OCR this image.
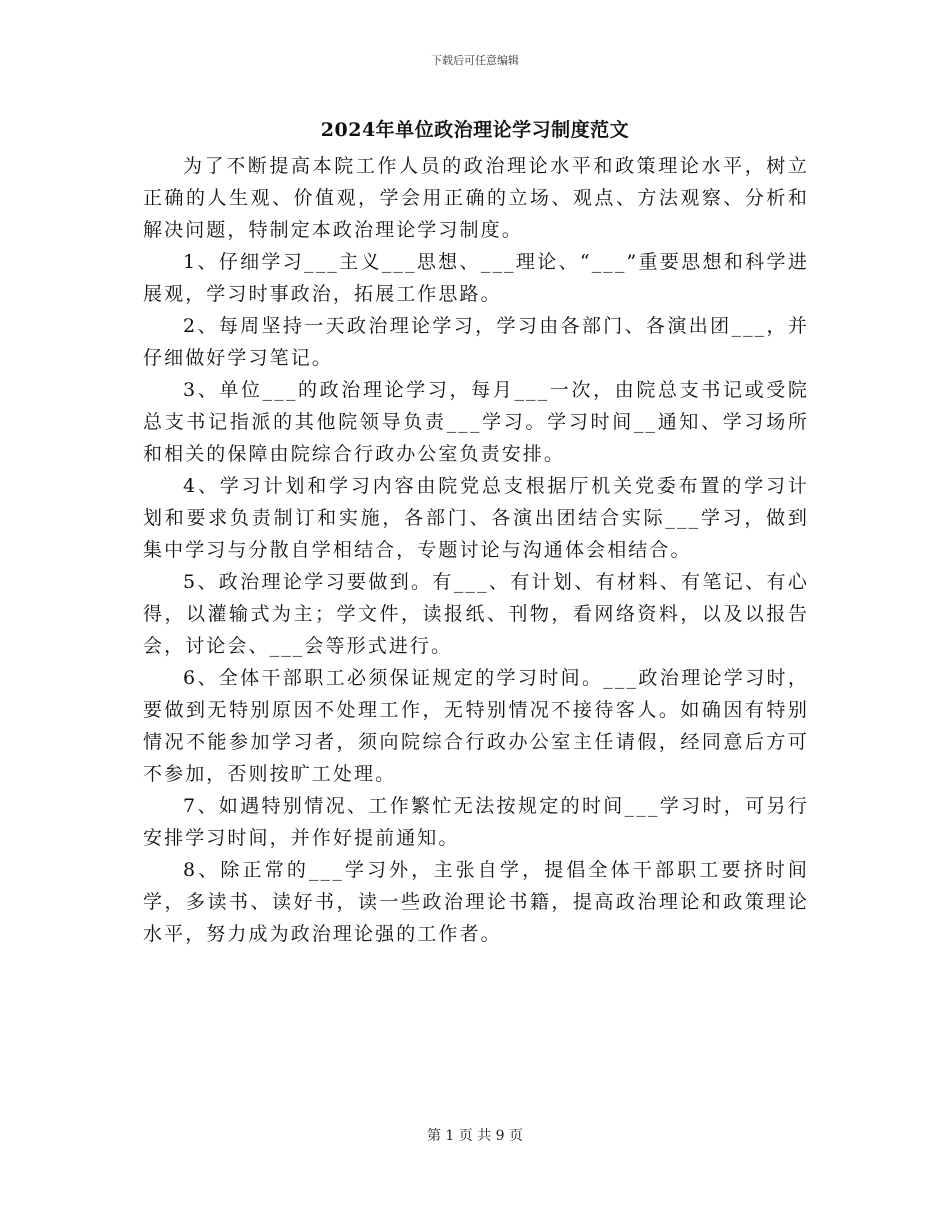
下载后可任意编辑
2024年单位政治理论学习制度范文

为了不断提高本院工作人员的政治理论水平和政策理论水平，树立正确的人生观、价值观，学会用正确的立场、观点、方法观察、分析和解决问题，特制定本政治理论学习制度。

1、仔细学习___主义___思想、___理论、“___”重要思想和科学进展观，学习时事政治，拓展工作思路。

2、每周坚持一天政治理论学习，学习由各部门、各演出团___，并仔细做好学习笔记。

3、单位___的政治理论学习，每月___一次，由院总支书记或受院总支书记指派的其他院领导负责___学习。学习时间__通知、学习场所和相关的保障由院综合行政办公室负责安排。

4、学习计划和学习内容由院党总支根据厅机关党委布置的学习计划和要求负责制订和实施，各部门、各演出团结合实际___学习，做到集中学习与分散自学相结合，专题讨论与沟通体会相结合。

5、政治理论学习要做到。有___、有计划、有材料、有笔记、有心得，以灌输式为主；学文件，读报纸、刊物，看网络资料，以及以报告会，讨论会、___会等形式进行。

6、全体干部职工必须保证规定的学习时间。___政治理论学习时，要做到无特别原因不处理工作，无特别情况不接待客人。如确因有特别情况不能参加学习者，须向院综合行政办公室主任请假，经同意后方可不参加，否则按旷工处理。

7、如遇特别情况、工作繁忙无法按规定的时间___学习时，可另行安排学习时间，并作好提前通知。

8、除正常的___学习外，主张自学，提倡全体干部职工要挤时间学，多读书、读好书，读一些政治理论书籍，提高政治理论和政策理论水平，努力成为政治理论强的工作者。

第 1 页 共 9 页
